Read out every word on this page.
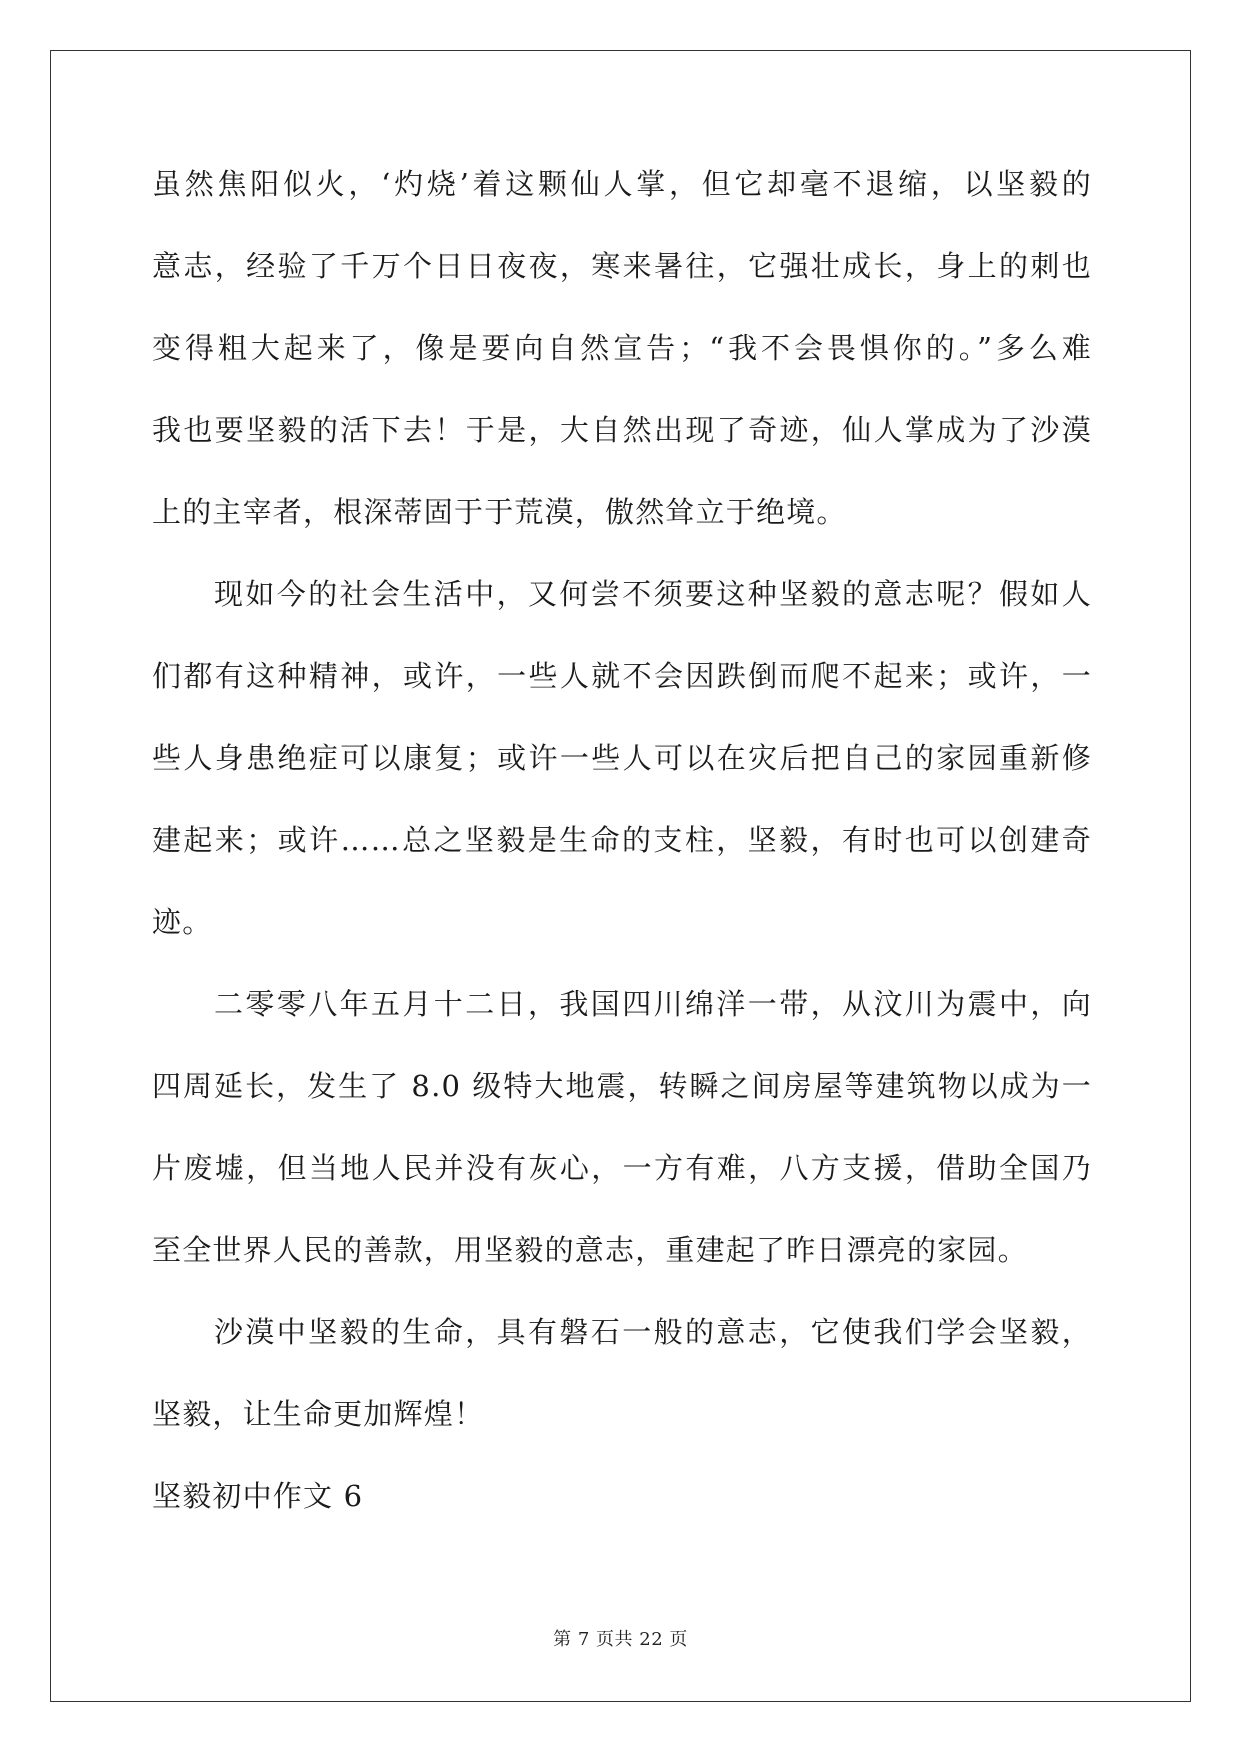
虽然焦阳似火，‘灼烧’着这颗仙人掌，但它却毫不退缩，以坚毅的
意志，经验了千万个日日夜夜，寒来暑往，它强壮成长，身上的刺也
变得粗大起来了，像是要向自然宣告；“我不会畏惧你的。”多么难
我也要坚毅的活下去！于是，大自然出现了奇迹，仙人掌成为了沙漠
上的主宰者，根深蒂固于于荒漠，傲然耸立于绝境。
现如今的社会生活中，又何尝不须要这种坚毅的意志呢？假如人
们都有这种精神，或许，一些人就不会因跌倒而爬不起来；或许，一
些人身患绝症可以康复；或许一些人可以在灾后把自己的家园重新修
建起来；或许……总之坚毅是生命的支柱，坚毅，有时也可以创建奇
迹。
二零零八年五月十二日，我国四川绵洋一带，从汶川为震中，向
四周延长，发生了 8.0 级特大地震，转瞬之间房屋等建筑物以成为一
片废墟，但当地人民并没有灰心，一方有难，八方支援，借助全国乃
至全世界人民的善款，用坚毅的意志，重建起了昨日漂亮的家园。
沙漠中坚毅的生命，具有磐石一般的意志，它使我们学会坚毅，
坚毅，让生命更加辉煌！
坚毅初中作文 6
第 7 页共 22 页
